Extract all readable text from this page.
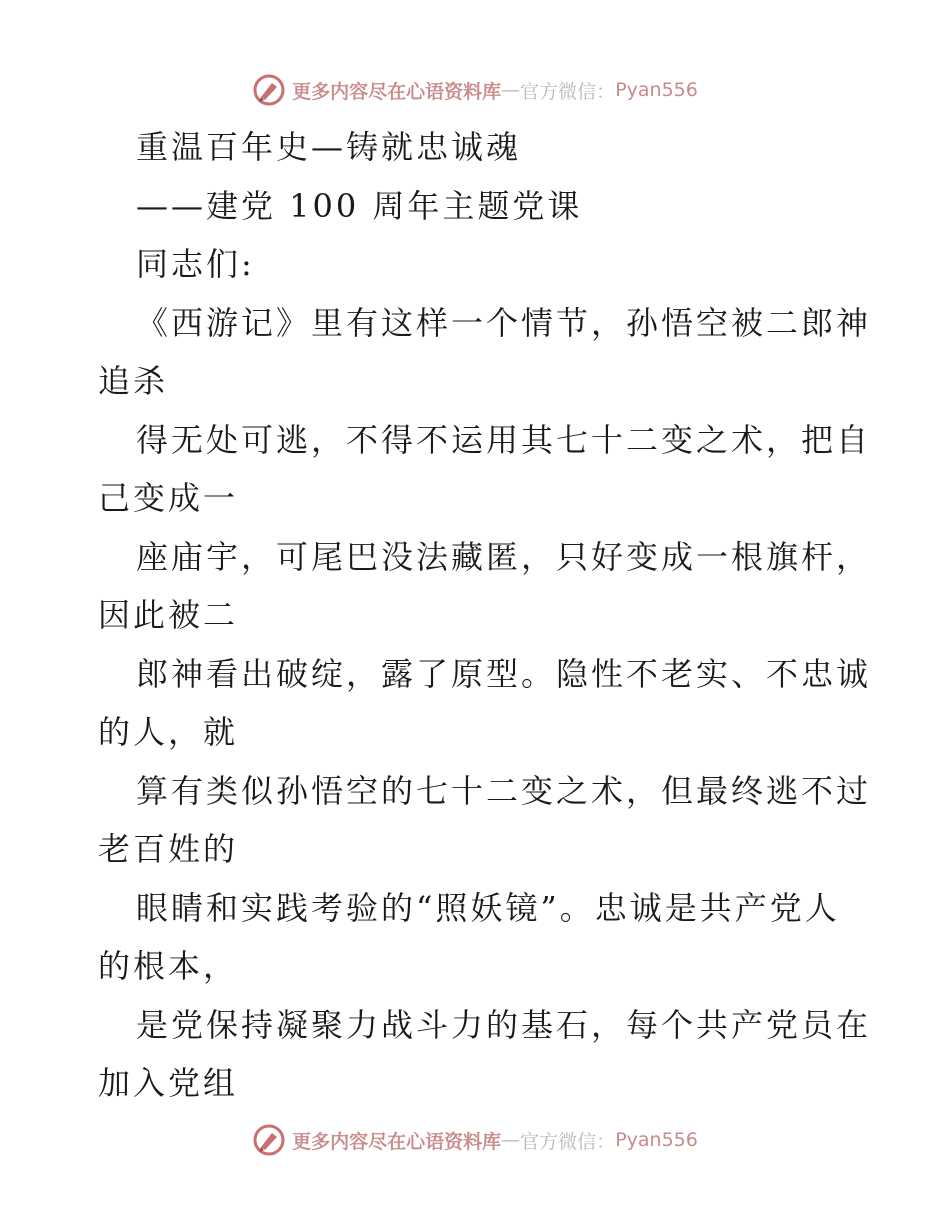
更多内容尽在心语资料库 — 官方微信： Pyan556
重温百年史—铸就忠诚魂
——建党 100 周年主题党课
同志们:
《西游记》里有这样一个情节，孙悟空被二郎神
追杀
得无处可逃，不得不运用其七十二变之术，把自
己变成一
座庙宇，可尾巴没法藏匿，只好变成一根旗杆，
因此被二
郎神看出破绽，露了原型。隐性不老实、不忠诚
的人，就
算有类似孙悟空的七十二变之术，但最终逃不过
老百姓的
眼睛和实践考验的“照妖镜”。忠诚是共产党人
的根本，
是党保持凝聚力战斗力的基石，每个共产党员在
加入党组
更多内容尽在心语资料库 — 官方微信： Pyan556
